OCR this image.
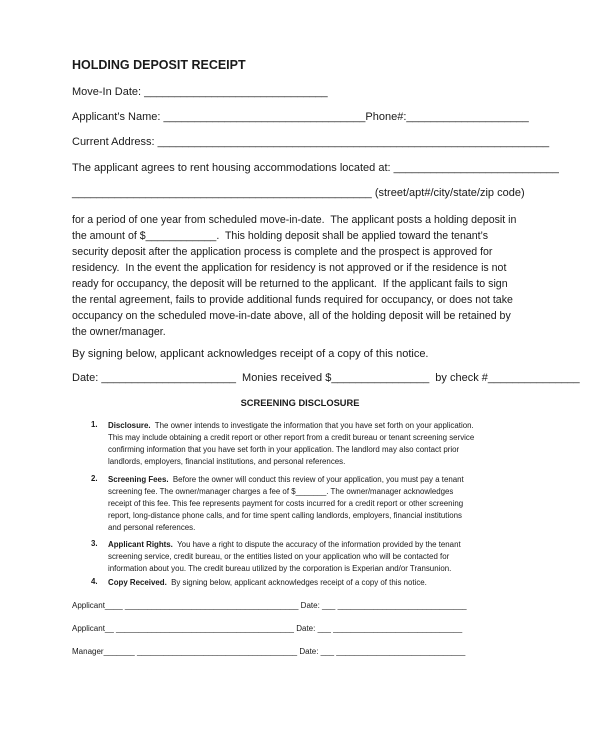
HOLDING DEPOSIT RECEIPT
Move-In Date: ______________________________
Applicant’s Name: _________________________________Phone#:____________________
Current Address: ________________________________________________________________
The applicant agrees to rent housing accommodations located at: ___________________________
_________________________________________________ (street/apt#/city/state/zip code)
for a period of one year from scheduled move-in-date.  The applicant posts a holding deposit in
the amount of $____________.  This holding deposit shall be applied toward the tenant’s
security deposit after the application process is complete and the prospect is approved for
residency.  In the event the application for residency is not approved or if the residence is not
ready for occupancy, the deposit will be returned to the applicant.  If the applicant fails to sign
the rental agreement, fails to provide additional funds required for occupancy, or does not take
occupancy on the scheduled move-in-date above, all of the holding deposit will be retained by
the owner/manager.
By signing below, applicant acknowledges receipt of a copy of this notice.
Date: ______________________  Monies received $________________  by check #_______________
SCREENING DISCLOSURE
1. Disclosure. The owner intends to investigate the information that you have set forth on your application.
This may include obtaining a credit report or other report from a credit bureau or tenant screening service
confirming information that you have set forth in your application. The landlord may also contact prior
landlords, employers, financial institutions, and personal references.
2. Screening Fees. Before the owner will conduct this review of your application, you must pay a tenant
screening fee. The owner/manager charges a fee of $_______. The owner/manager acknowledges
receipt of this fee. This fee represents payment for costs incurred for a credit report or other screening
report, long-distance phone calls, and for time spent calling landlords, employers, financial institutions
and personal references.
3. Applicant Rights. You have a right to dispute the accuracy of the information provided by the tenant
screening service, credit bureau, or the entities listed on your application who will be contacted for
information about you. The credit bureau utilized by the corporation is Experian and/or Transunion.
4. Copy Received. By signing below, applicant acknowledges receipt of a copy of this notice.
Applicant____ _______________________________________ Date: ___ _____________________________
Applicant__ ________________________________________ Date: ___ _____________________________
Manager_______ ____________________________________ Date: ___ _____________________________
